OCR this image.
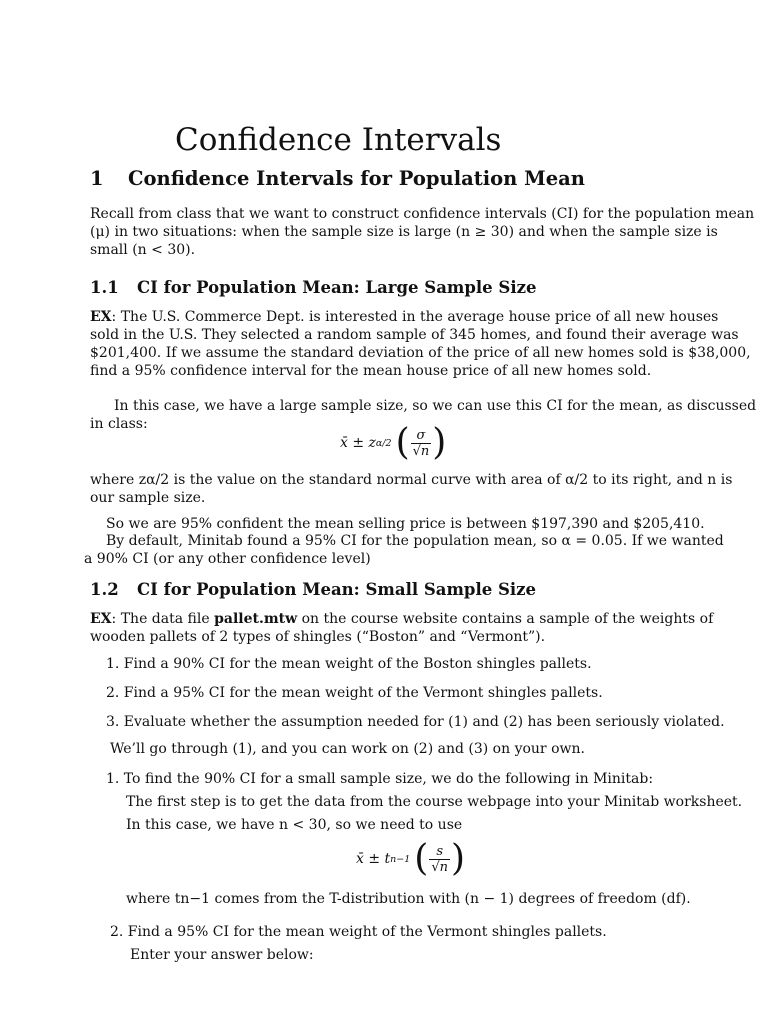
Confidence Intervals
1 Confidence Intervals for Population Mean
Recall from class that we want to construct confidence intervals (CI) for the population mean
(μ) in two situations: when the sample size is large (n ≥ 30) and when the sample size is
small (n < 30).
1.1 CI for Population Mean: Large Sample Size
EX: The U.S. Commerce Dept. is interested in the average house price of all new houses
sold in the U.S. They selected a random sample of 345 homes, and found their average was
$201,400. If we assume the standard deviation of the price of all new homes sold is $38,000,
find a 95% confidence interval for the mean house price of all new homes sold.
In this case, we have a large sample size, so we can use this CI for the mean, as discussed
in class:
x̄ ± z α/2 ( $\frac{\sigma}{√n}$ )
where zα/2 is the value on the standard normal curve with area of α/2 to its right, and n is
our sample size.
So we are 95% confident the mean selling price is between $197,390 and $205,410.
By default, Minitab found a 95% CI for the population mean, so α = 0.05. If we wanted
a 90% CI (or any other confidence level)
1.2 CI for Population Mean: Small Sample Size
EX: The data file pallet.mtw on the course website contains a sample of the weights of
wooden pallets of 2 types of shingles (“Boston” and “Vermont”).
1. Find a 90% CI for the mean weight of the Boston shingles pallets.
2. Find a 95% CI for the mean weight of the Vermont shingles pallets.
3. Evaluate whether the assumption needed for (1) and (2) has been seriously violated.
We’ll go through (1), and you can work on (2) and (3) on your own.
1. To find the 90% CI for a small sample size, we do the following in Minitab:
The first step is to get the data from the course webpage into your Minitab worksheet.
In this case, we have n < 30, so we need to use
x̄ ± t n−1 ( $\frac{s}{√n}$ )
where tn−1 comes from the T-distribution with (n − 1) degrees of freedom (df).
2. Find a 95% CI for the mean weight of the Vermont shingles pallets.
Enter your answer below:
